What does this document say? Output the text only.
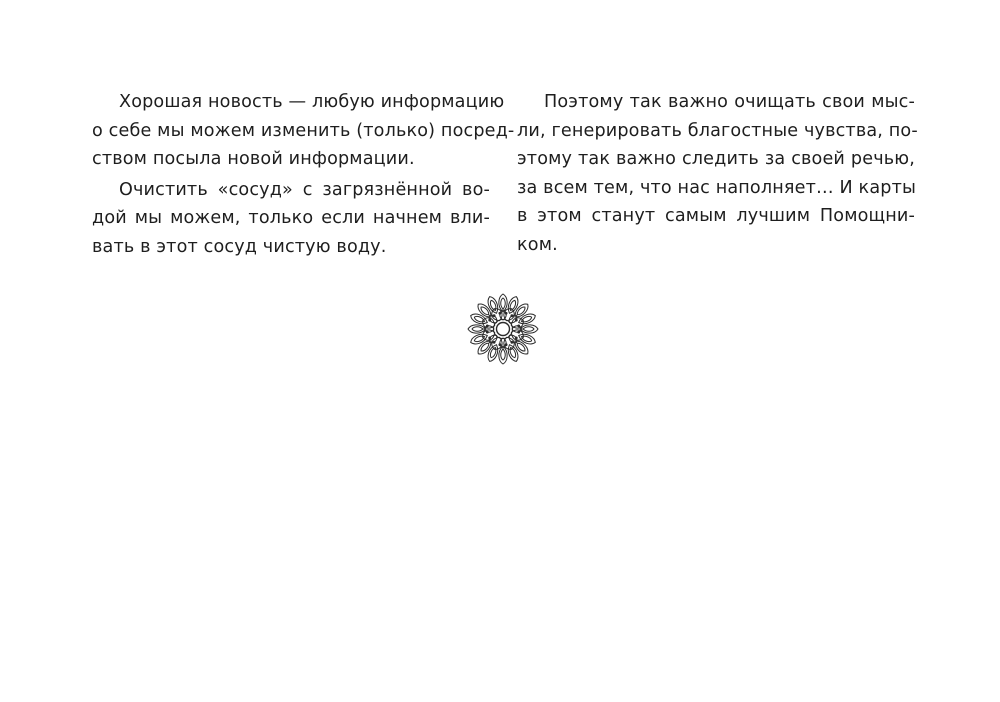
Хорошая новость — любую информацию
о себе мы можем изменить (только) посред-
ством посыла новой информации.
Очистить «сосуд» с загрязнённой во-
дой мы можем, только если начнем вли-
вать в этот сосуд чистую воду.
Поэтому так важно очищать свои мыс-
ли, генерировать благостные чувства, по-
этому так важно следить за своей речью,
за всем тем, что нас наполняет… И карты
в этом станут самым лучшим Помощни-
ком.
